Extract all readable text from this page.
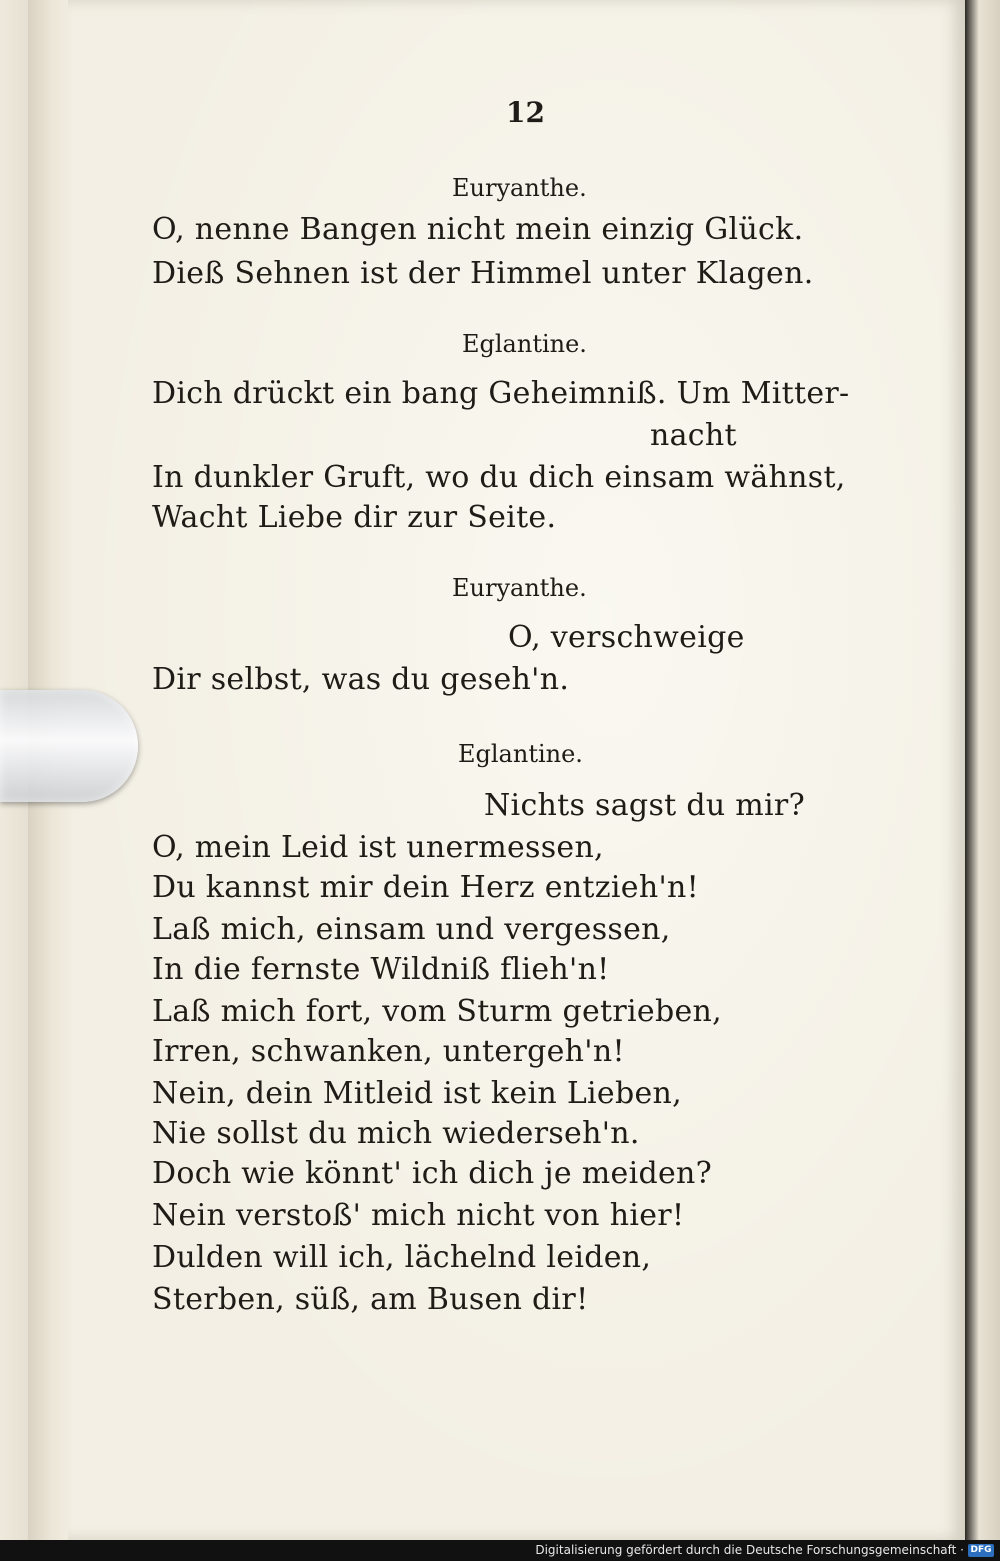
12
Euryanthe.
O, nenne Bangen nicht mein einzig Glück.
Dieß Sehnen ist der Himmel unter Klagen.
Eglantine.
Dich drückt ein bang Geheimniß. Um Mitter-
nacht
In dunkler Gruft, wo du dich einsam wähnst,
Wacht Liebe dir zur Seite.
Euryanthe.
O, verschweige
Dir selbst, was du geseh'n.
Eglantine.
Nichts sagst du mir?
O, mein Leid ist unermessen,
Du kannst mir dein Herz entzieh'n!
Laß mich, einsam und vergessen,
In die fernste Wildniß flieh'n!
Laß mich fort, vom Sturm getrieben,
Irren, schwanken, untergeh'n!
Nein, dein Mitleid ist kein Lieben,
Nie sollst du mich wiederseh'n.
Doch wie könnt' ich dich je meiden?
Nein verstoß' mich nicht von hier!
Dulden will ich, lächelnd leiden,
Sterben, süß, am Busen dir!
Digitalisierung gefördert durch die Deutsche Forschungsgemeinschaft · DFG
